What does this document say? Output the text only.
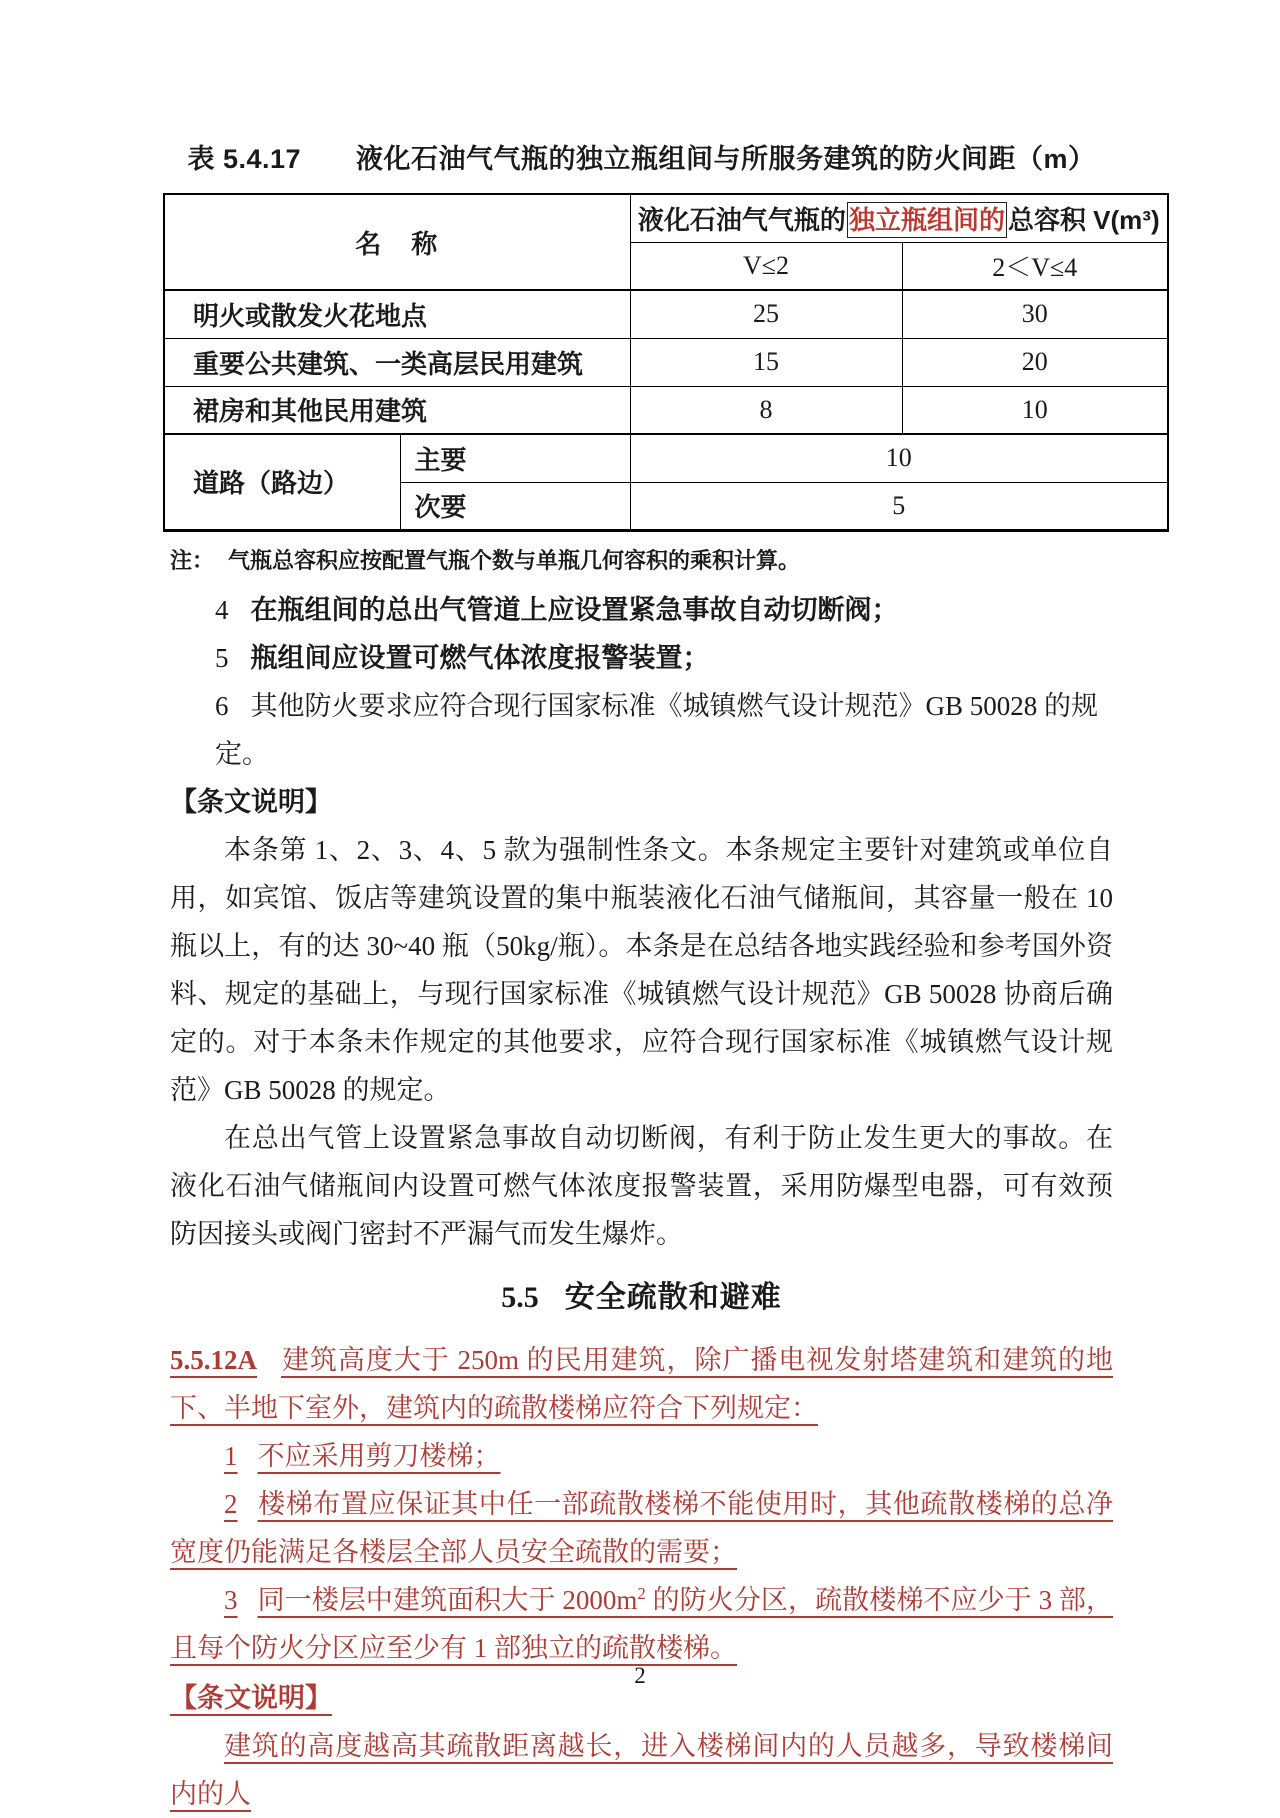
表 5.4.17　　液化石油气气瓶的独立瓶组间与所服务建筑的防火间距（m）
名　称		液化石油气气瓶的 独立瓶组间的 总容积 V(m³)	
		V≤2	2＜V≤4
明火或散发火花地点		25	30
重要公共建筑、一类高层民用建筑		15	20
裙房和其他民用建筑		8	10
道路（路边）	主要	10	
	次要	5	
注： 气瓶总容积应按配置气瓶个数与单瓶几何容积的乘积计算。
4 在瓶组间的总出气管道上应设置紧急事故自动切断阀；
5 瓶组间应设置可燃气体浓度报警装置；
6 其他防火要求应符合现行国家标准《城镇燃气设计规范》GB 50028 的规定。
【条文说明】

本条第 1、2、3、4、5 款为强制性条文。本条规定主要针对建筑或单位自用，如宾馆、饭店等建筑设置的集中瓶装液化石油气储瓶间，其容量一般在 10 瓶以上，有的达 30~40 瓶（50kg/瓶）。本条是在总结各地实践经验和参考国外资料、规定的基础上，与现行国家标准《城镇燃气设计规范》GB 50028 协商后确定的。对于本条未作规定的其他要求，应符合现行国家标准《城镇燃气设计规范》GB 50028 的规定。

在总出气管上设置紧急事故自动切断阀，有利于防止发生更大的事故。在液化石油气储瓶间内设置可燃气体浓度报警装置，采用防爆型电器，可有效预防因接头或阀门密封不严漏气而发生爆炸。

5.5 安全疏散和避难
5.5.12A 建筑高度大于 250m 的民用建筑，除广播电视发射塔建筑和建筑的地下、半地下室外，建筑内的疏散楼梯应符合下列规定：
1 不应采用剪刀楼梯；
2 楼梯布置应保证其中任一部疏散楼梯不能使用时，其他疏散楼梯的总净宽度仍能满足各楼层全部人员安全疏散的需要；
3 同一楼层中建筑面积大于 $2000m^2$ 的防火分区，疏散楼梯不应少于 3 部，且每个防火分区应至少有 1 部独立的疏散楼梯。
【条文说明】
建筑的高度越高其疏散距离越长，进入楼梯间内的人员越多，导致楼梯间内的人
2
